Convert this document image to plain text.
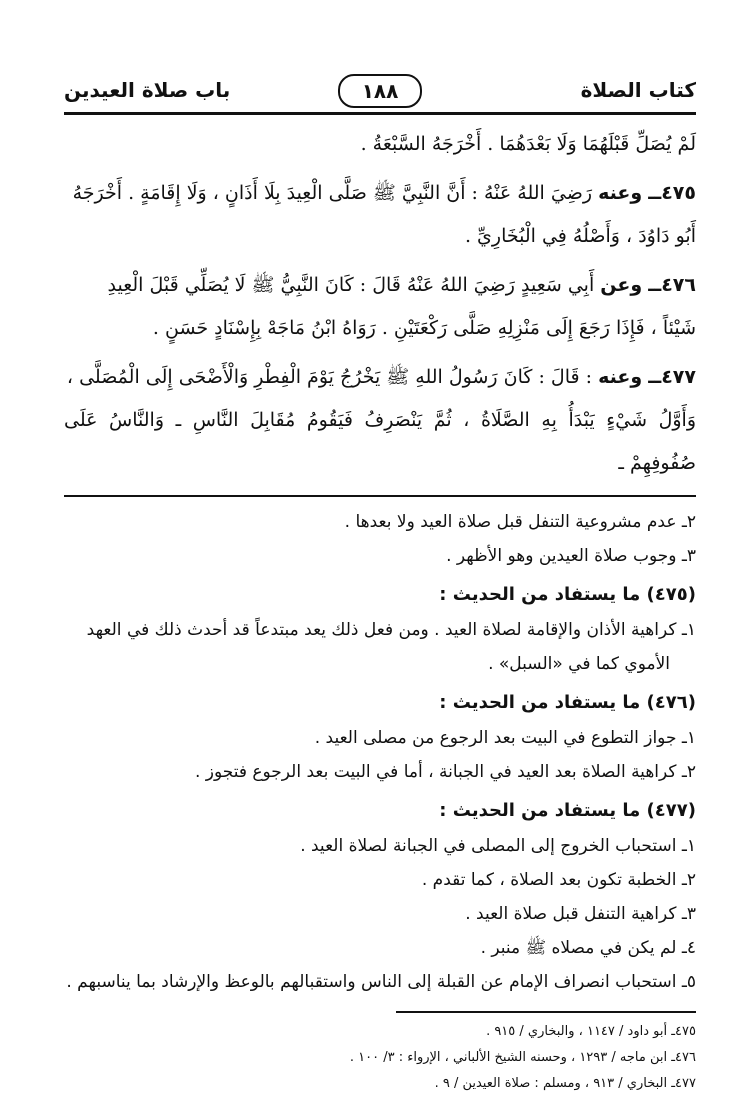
كتاب الصلاة
١٨٨
باب صلاة العيدين

لَمْ يُصَلِّ قَبْلَهُمَا وَلَا بَعْدَهُمَا . أَخْرَجَهُ السَّبْعَةُ .

٤٧٥ــ وعنه رَضِيَ اللهُ عَنْهُ : أَنَّ النَّبِيَّ ﷺ صَلَّى الْعِيدَ بِلَا أَذَانٍ ، وَلَا إِقَامَةٍ . أَخْرَجَهُ

أَبُو دَاوُدَ ، وَأَصْلُهُ فِي الْبُخَارِيِّ .

٤٧٦ــ وعن أَبِي سَعِيدٍ رَضِيَ اللهُ عَنْهُ قَالَ : كَانَ النَّبِيُّ ﷺ لَا يُصَلِّي قَبْلَ الْعِيدِ

شَيْئاً ، فَإِذَا رَجَعَ إِلَى مَنْزِلِهِ صَلَّى رَكْعَتَيْنِ . رَوَاهُ ابْنُ مَاجَهْ بِإِسْنَادٍ حَسَنٍ .

٤٧٧ــ وعنه : قَالَ : كَانَ رَسُولُ اللهِ ﷺ يَخْرُجُ يَوْمَ الْفِطْرِ وَالْأَضْحَى إِلَى الْمُصَلَّى ،

وَأَوَّلُ شَيْءٍ يَبْدَأُ بِهِ الصَّلَاةُ ، ثُمَّ يَنْصَرِفُ فَيَقُومُ مُقَابِلَ النَّاسِ ـ وَالنَّاسُ عَلَى صُفُوفِهِمْ ـ

٢ـ عدم مشروعية التنفل قبل صلاة العيد ولا بعدها .
٣ـ وجوب صلاة العيدين وهو الأظهر .
(٤٧٥) ما يستفاد من الحديث :
١ـ كراهية الأذان والإقامة لصلاة العيد . ومن فعل ذلك يعد مبتدعاً قد أحدث ذلك في العهد
الأموي كما في «السبل» .
(٤٧٦) ما يستفاد من الحديث :
١ـ جواز التطوع في البيت بعد الرجوع من مصلى العيد .
٢ـ كراهية الصلاة بعد العيد في الجبانة ، أما في البيت بعد الرجوع فتجوز .
(٤٧٧) ما يستفاد من الحديث :
١ـ استحباب الخروج إلى المصلى في الجبانة لصلاة العيد .
٢ـ الخطبة تكون بعد الصلاة ، كما تقدم .
٣ـ كراهية التنفل قبل صلاة العيد .
٤ـ لم يكن في مصلاه ﷺ منبر .
٥ـ استحباب انصراف الإمام عن القبلة إلى الناس واستقبالهم بالوعظ والإرشاد بما يناسبهم .
٤٧٥ـ أبو داود / ١١٤٧ ، والبخاري / ٩١٥ .
٤٧٦ـ ابن ماجه / ١٢٩٣ ، وحسنه الشيخ الألباني ، الإرواء : ٣/ ١٠٠ .
٤٧٧ـ البخاري / ٩١٣ ، ومسلم : صلاة العيدين / ٩ .
